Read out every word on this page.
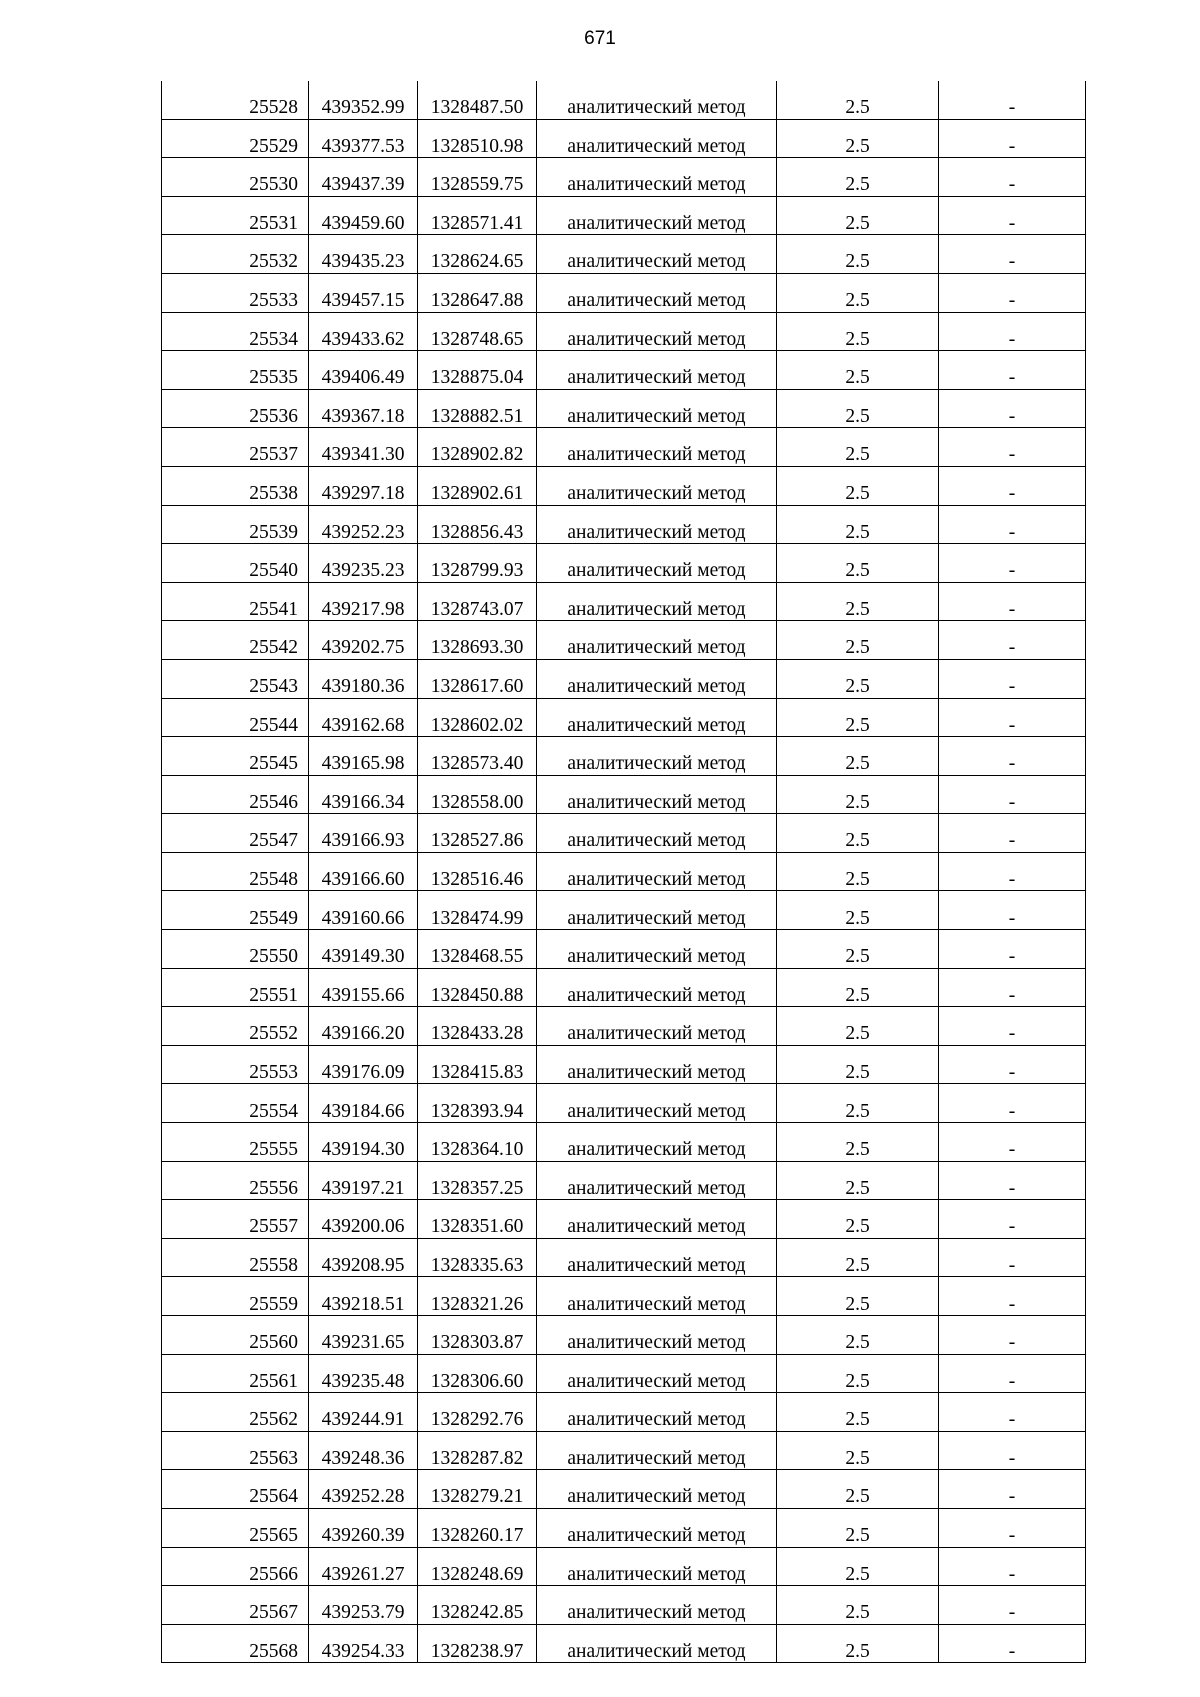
671
25528	439352.99	1328487.50	аналитический метод	2.5	-
25529	439377.53	1328510.98	аналитический метод	2.5	-
25530	439437.39	1328559.75	аналитический метод	2.5	-
25531	439459.60	1328571.41	аналитический метод	2.5	-
25532	439435.23	1328624.65	аналитический метод	2.5	-
25533	439457.15	1328647.88	аналитический метод	2.5	-
25534	439433.62	1328748.65	аналитический метод	2.5	-
25535	439406.49	1328875.04	аналитический метод	2.5	-
25536	439367.18	1328882.51	аналитический метод	2.5	-
25537	439341.30	1328902.82	аналитический метод	2.5	-
25538	439297.18	1328902.61	аналитический метод	2.5	-
25539	439252.23	1328856.43	аналитический метод	2.5	-
25540	439235.23	1328799.93	аналитический метод	2.5	-
25541	439217.98	1328743.07	аналитический метод	2.5	-
25542	439202.75	1328693.30	аналитический метод	2.5	-
25543	439180.36	1328617.60	аналитический метод	2.5	-
25544	439162.68	1328602.02	аналитический метод	2.5	-
25545	439165.98	1328573.40	аналитический метод	2.5	-
25546	439166.34	1328558.00	аналитический метод	2.5	-
25547	439166.93	1328527.86	аналитический метод	2.5	-
25548	439166.60	1328516.46	аналитический метод	2.5	-
25549	439160.66	1328474.99	аналитический метод	2.5	-
25550	439149.30	1328468.55	аналитический метод	2.5	-
25551	439155.66	1328450.88	аналитический метод	2.5	-
25552	439166.20	1328433.28	аналитический метод	2.5	-
25553	439176.09	1328415.83	аналитический метод	2.5	-
25554	439184.66	1328393.94	аналитический метод	2.5	-
25555	439194.30	1328364.10	аналитический метод	2.5	-
25556	439197.21	1328357.25	аналитический метод	2.5	-
25557	439200.06	1328351.60	аналитический метод	2.5	-
25558	439208.95	1328335.63	аналитический метод	2.5	-
25559	439218.51	1328321.26	аналитический метод	2.5	-
25560	439231.65	1328303.87	аналитический метод	2.5	-
25561	439235.48	1328306.60	аналитический метод	2.5	-
25562	439244.91	1328292.76	аналитический метод	2.5	-
25563	439248.36	1328287.82	аналитический метод	2.5	-
25564	439252.28	1328279.21	аналитический метод	2.5	-
25565	439260.39	1328260.17	аналитический метод	2.5	-
25566	439261.27	1328248.69	аналитический метод	2.5	-
25567	439253.79	1328242.85	аналитический метод	2.5	-
25568	439254.33	1328238.97	аналитический метод	2.5	-
